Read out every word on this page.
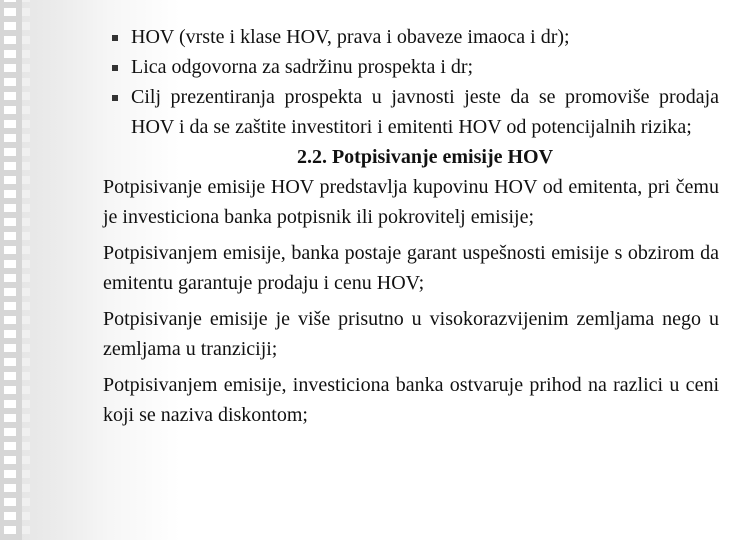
HOV (vrste i klase HOV, prava i obaveze imaoca i dr);
Lica odgovorna za sadržinu prospekta i dr;
Cilj prezentiranja prospekta u javnosti jeste da se promoviše prodaja HOV i da se zaštite investitori i emitenti HOV od potencijalnih rizika;
2.2. Potpisivanje emisije HOV

Potpisivanje emisije HOV predstavlja kupovinu HOV od emitenta, pri čemu je investiciona banka potpisnik ili pokrovitelj emisije;

Potpisivanjem emisije, banka postaje garant uspešnosti emisije s obzirom da emitentu garantuje prodaju i cenu HOV;

Potpisivanje emisije je više prisutno u visokorazvijenim zemljama nego u zemljama u tranziciji;

Potpisivanjem emisije, investiciona banka ostvaruje prihod na razlici u ceni koji se naziva diskontom;
